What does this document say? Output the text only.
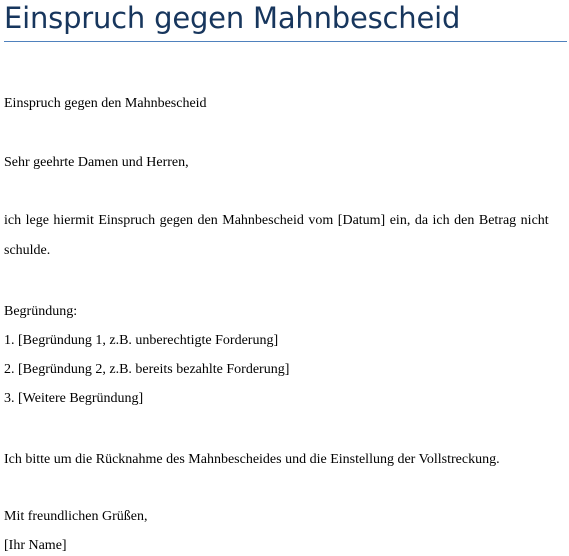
Einspruch gegen Mahnbescheid

Einspruch gegen den Mahnbescheid

Sehr geehrte Damen und Herren,

ich lege hiermit Einspruch gegen den Mahnbescheid vom [Datum] ein, da ich den Betrag nicht schulde.

Begründung:

1. [Begründung 1, z.B. unberechtigte Forderung]

2. [Begründung 2, z.B. bereits bezahlte Forderung]

3. [Weitere Begründung]

Ich bitte um die Rücknahme des Mahnbescheides und die Einstellung der Vollstreckung.

Mit freundlichen Grüßen,

[Ihr Name]
